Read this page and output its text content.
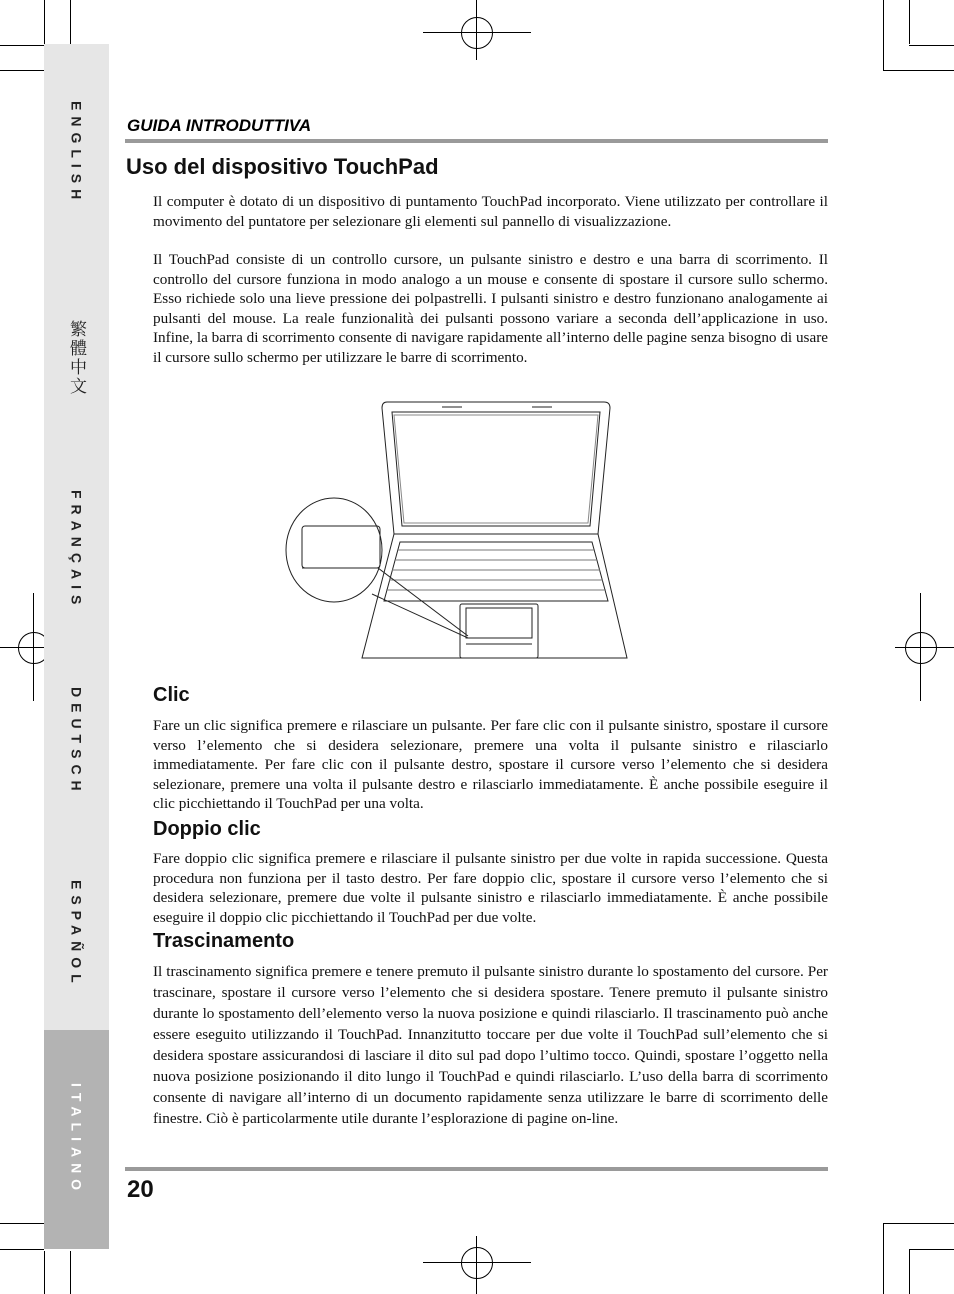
ENGLISH
繁體中文
FRANÇAIS
DEUTSCH
ESPAÑOL
ITALIANO
GUIDA INTRODUTTIVA
Uso del dispositivo TouchPad

Il computer è dotato di un dispositivo di puntamento TouchPad incorporato. Viene utilizzato per controllare il movimento del puntatore per selezionare gli elementi sul pannello di visualizzazione.

Il TouchPad consiste di un controllo cursore, un pulsante sinistro e destro e una barra di scorrimento. Il controllo del cursore funziona in modo analogo a un mouse e consente di spostare il cursore sullo schermo. Esso richiede solo una lieve pressione dei polpastrelli. I pulsanti sinistro e destro funzionano analogamente ai pulsanti del mouse. La reale funzionalità dei pulsanti possono variare a seconda dell’applicazione in uso. Infine, la barra di scorrimento consente di navigare rapidamente all’interno delle pagine senza bisogno di usare il cursore sullo schermo per utilizzare le barre di scorrimento.

Clic

Fare un clic significa premere e rilasciare un pulsante. Per fare clic con il pulsante sinistro, spostare il cursore verso l’elemento che si desidera selezionare, premere una volta il pulsante sinistro e rilasciarlo immediatamente. Per fare clic con il pulsante destro, spostare il cursore verso l’elemento che si desidera selezionare, premere una volta il pulsante destro e rilasciarlo immediatamente. È anche possibile eseguire il clic picchiettando il TouchPad per una volta.

Doppio clic

Fare doppio clic significa premere e rilasciare il pulsante sinistro per due volte in rapida successione. Questa procedura non funziona per il tasto destro. Per fare doppio clic, spostare il cursore verso l’elemento che si desidera selezionare, premere due volte il pulsante sinistro e rilasciarlo immediatamente. È anche possibile eseguire il doppio clic picchiettando il TouchPad per due volte.

Trascinamento

Il trascinamento significa premere e tenere premuto il pulsante sinistro durante lo spostamento del cursore. Per trascinare, spostare il cursore verso l’elemento che si desidera spostare. Tenere premuto il pulsante sinistro durante lo spostamento dell’elemento verso la nuova posizione e quindi rilasciarlo. Il trascinamento può anche essere eseguito utilizzando il TouchPad. Innanzitutto toccare per due volte il TouchPad sull’elemento che si desidera spostare assicurandosi di lasciare il dito sul pad dopo l’ultimo tocco. Quindi, spostare l’oggetto nella nuova posizione posizionando il dito lungo il TouchPad e quindi rilasciarlo. L’uso della barra di scorrimento consente di navigare all’interno di un documento rapidamente senza utilizzare le barre di scorrimento delle finestre. Ciò è particolarmente utile durante l’esplorazione di pagine on-line.

20
